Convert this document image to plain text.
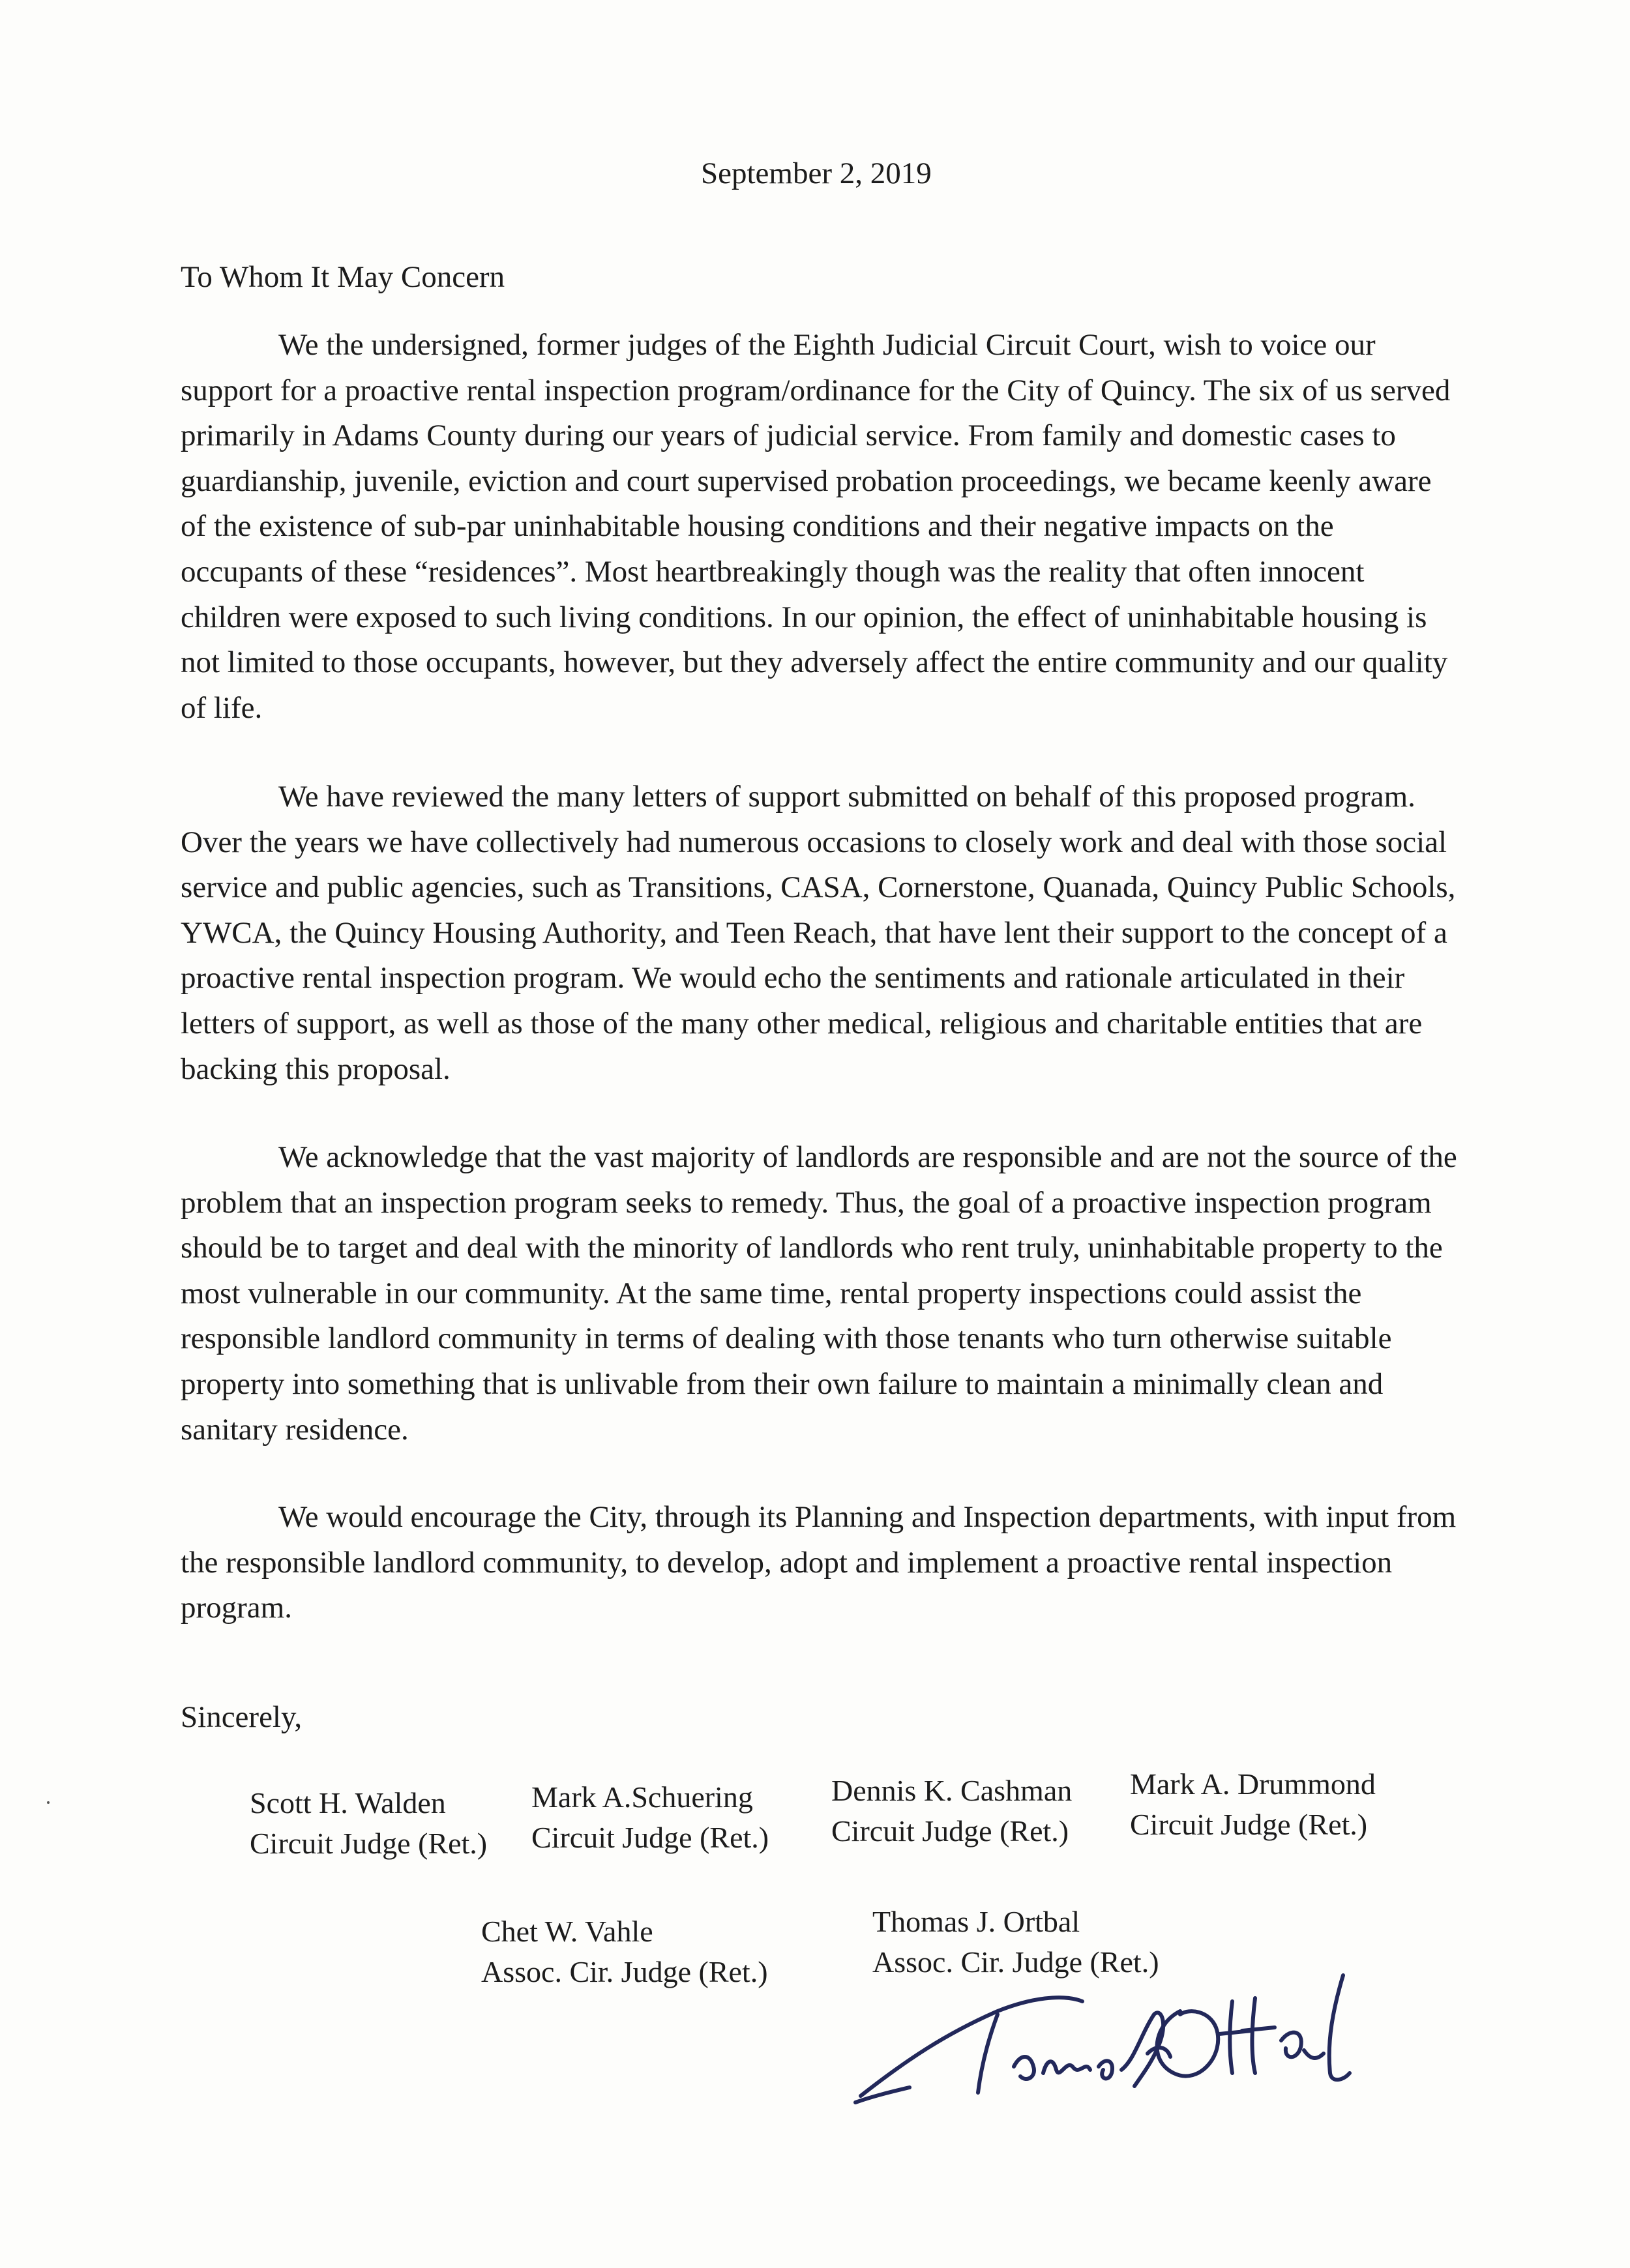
September 2, 2019
To Whom It May Concern

We the undersigned, former judges of the Eighth Judicial Circuit Court, wish to voice our support for a proactive rental inspection program/ordinance for the City of Quincy. The six of us served primarily in Adams County during our years of judicial service. From family and domestic cases to guardianship, juvenile, eviction and court supervised probation proceedings, we became keenly aware of the existence of sub-par uninhabitable housing conditions and their negative impacts on the occupants of these “residences”. Most heartbreakingly though was the reality that often innocent children were exposed to such living conditions. In our opinion, the effect of uninhabitable housing is not limited to those occupants, however, but they adversely affect the entire community and our quality of life.

We have reviewed the many letters of support submitted on behalf of this proposed program. Over the years we have collectively had numerous occasions to closely work and deal with those social service and public agencies, such as Transitions, CASA, Cornerstone, Quanada, Quincy Public Schools, YWCA, the Quincy Housing Authority, and Teen Reach, that have lent their support to the concept of a proactive rental inspection program. We would echo the sentiments and rationale articulated in their letters of support, as well as those of the many other medical, religious and charitable entities that are backing this proposal.

We acknowledge that the vast majority of landlords are responsible and are not the source of the problem that an inspection program seeks to remedy. Thus, the goal of a proactive inspection program should be to target and deal with the minority of landlords who rent truly, uninhabitable property to the most vulnerable in our community. At the same time, rental property inspections could assist the responsible landlord community in terms of dealing with those tenants who turn otherwise suitable property into something that is unlivable from their own failure to maintain a minimally clean and sanitary residence.

We would encourage the City, through its Planning and Inspection departments, with input from the responsible landlord community, to develop, adopt and implement a proactive rental inspection program.

Sincerely,
Scott H. Walden
Circuit Judge (Ret.)
Mark A.Schuering
Circuit Judge (Ret.)
Dennis K. Cashman
Circuit Judge (Ret.)
Mark A. Drummond
Circuit Judge (Ret.)
Chet W. Vahle
Assoc. Cir. Judge (Ret.)
Thomas J. Ortbal
Assoc. Cir. Judge (Ret.)
